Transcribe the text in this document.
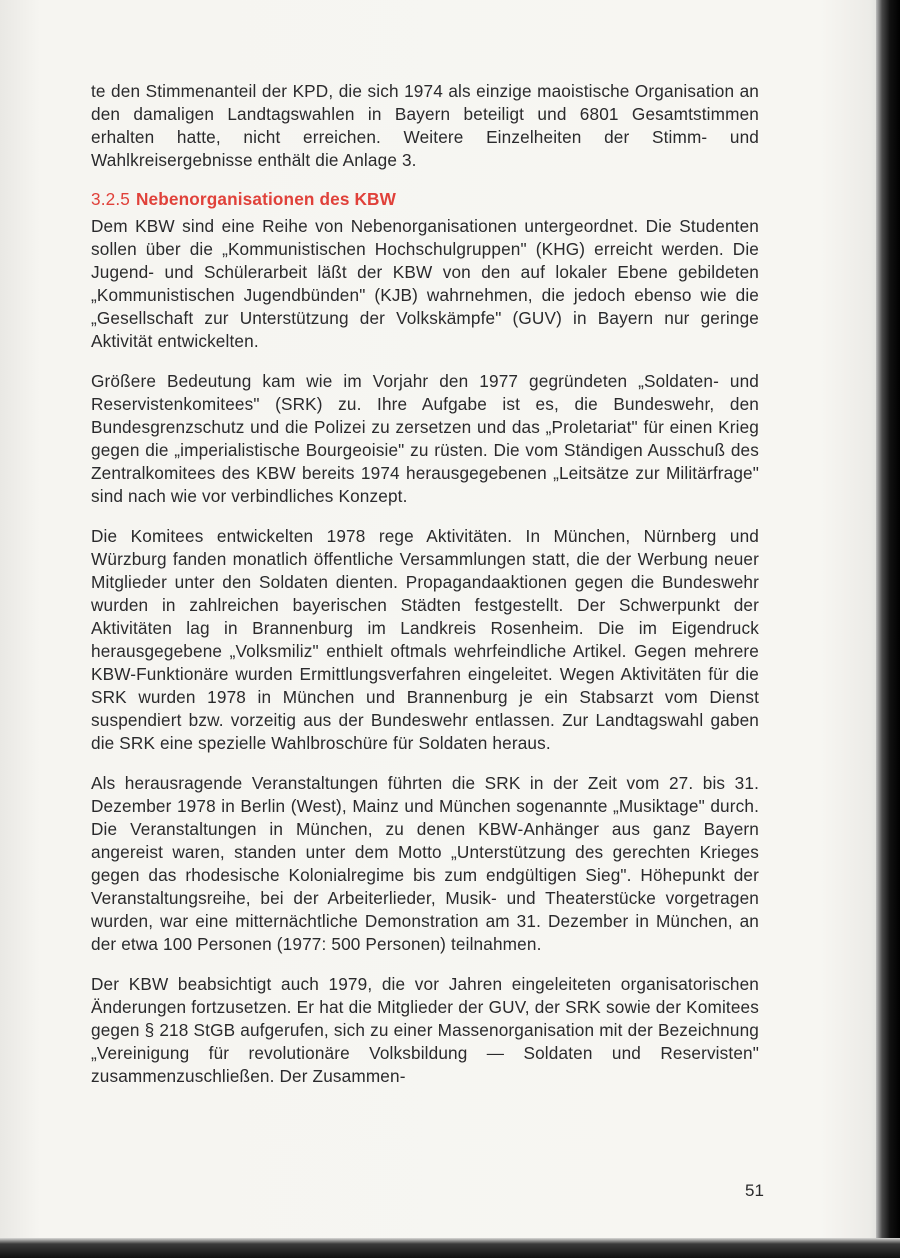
te den Stimmenanteil der KPD, die sich 1974 als einzige maoistische Organisation an den damaligen Landtagswahlen in Bayern beteiligt und 6801 Gesamtstimmen erhalten hatte, nicht erreichen. Weitere Einzelheiten der Stimm- und Wahlkreisergebnisse enthält die Anlage 3.

3.2.5 Nebenorganisationen des KBW

Dem KBW sind eine Reihe von Nebenorganisationen untergeordnet. Die Studenten sollen über die „Kommunistischen Hochschulgruppen" (KHG) erreicht werden. Die Jugend- und Schülerarbeit läßt der KBW von den auf lokaler Ebene gebildeten „Kommunistischen Jugendbünden" (KJB) wahrnehmen, die jedoch ebenso wie die „Gesellschaft zur Unterstützung der Volkskämpfe" (GUV) in Bayern nur geringe Aktivität entwickelten.

Größere Bedeutung kam wie im Vorjahr den 1977 gegründeten „Soldaten- und Reservistenkomitees" (SRK) zu. Ihre Aufgabe ist es, die Bundeswehr, den Bundesgrenzschutz und die Polizei zu zersetzen und das „Proletariat" für einen Krieg gegen die „imperialistische Bourgeoisie" zu rüsten. Die vom Ständigen Ausschuß des Zentralkomitees des KBW bereits 1974 herausgegebenen „Leitsätze zur Militärfrage" sind nach wie vor verbindliches Konzept.

Die Komitees entwickelten 1978 rege Aktivitäten. In München, Nürnberg und Würzburg fanden monatlich öffentliche Versammlungen statt, die der Werbung neuer Mitglieder unter den Soldaten dienten. Propagandaaktionen gegen die Bundeswehr wurden in zahlreichen bayerischen Städten festgestellt. Der Schwerpunkt der Aktivitäten lag in Brannenburg im Landkreis Rosenheim. Die im Eigendruck herausgegebene „Volksmiliz" enthielt oftmals wehrfeindliche Artikel. Gegen mehrere KBW-Funktionäre wurden Ermittlungsverfahren eingeleitet. Wegen Aktivitäten für die SRK wurden 1978 in München und Brannenburg je ein Stabsarzt vom Dienst suspendiert bzw. vorzeitig aus der Bundeswehr entlassen. Zur Landtagswahl gaben die SRK eine spezielle Wahlbroschüre für Soldaten heraus.

Als herausragende Veranstaltungen führten die SRK in der Zeit vom 27. bis 31. Dezember 1978 in Berlin (West), Mainz und München sogenannte „Musiktage" durch. Die Veranstaltungen in München, zu denen KBW-Anhänger aus ganz Bayern angereist waren, standen unter dem Motto „Unterstützung des gerechten Krieges gegen das rhodesische Kolonialregime bis zum endgültigen Sieg". Höhepunkt der Veranstaltungsreihe, bei der Arbeiterlieder, Musik- und Theaterstücke vorgetragen wurden, war eine mitternächtliche Demonstration am 31. Dezember in München, an der etwa 100 Personen (1977: 500 Personen) teilnahmen.

Der KBW beabsichtigt auch 1979, die vor Jahren eingeleiteten organisatorischen Änderungen fortzusetzen. Er hat die Mitglieder der GUV, der SRK sowie der Komitees gegen § 218 StGB aufgerufen, sich zu einer Massenorganisation mit der Bezeichnung „Vereinigung für revolutionäre Volksbildung — Soldaten und Reservisten" zusammenzuschließen. Der Zusammen-

51
